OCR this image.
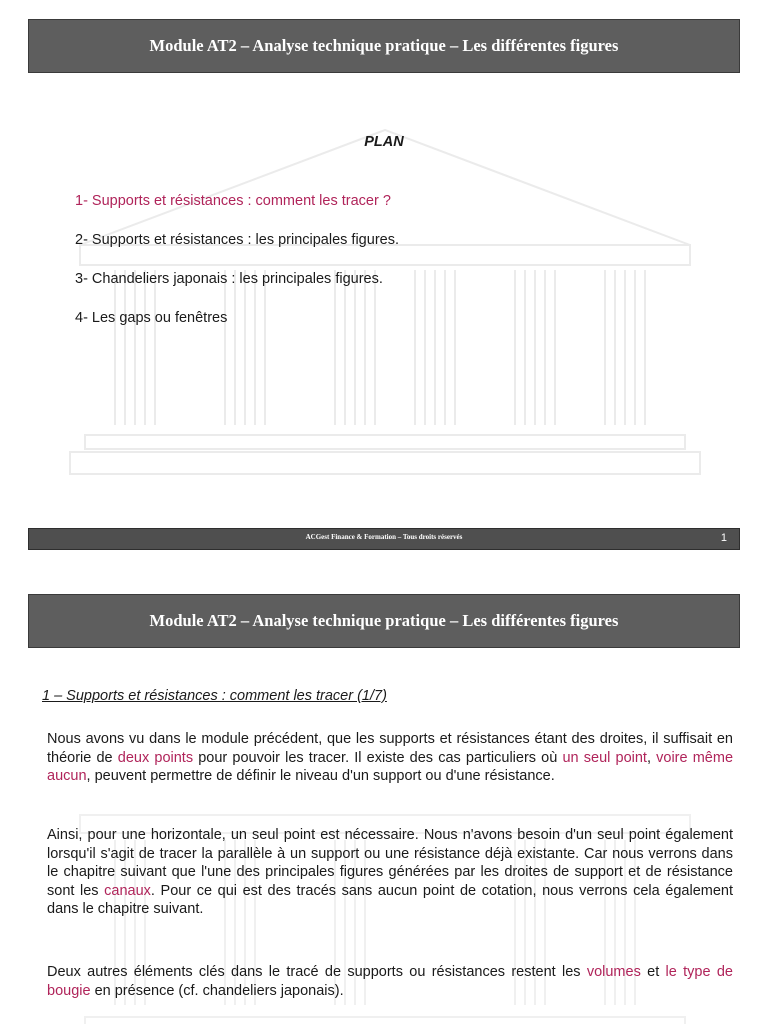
Module AT2 – Analyse technique pratique – Les différentes figures
PLAN
1- Supports et résistances : comment les tracer ?
2- Supports et résistances : les principales figures.
3- Chandeliers japonais : les principales figures.
4- Les gaps ou fenêtres
ACGest Finance & Formation – Tous droits réservés	1
Module AT2 – Analyse technique pratique – Les différentes figures
1 – Supports et résistances : comment les tracer (1/7)

Nous avons vu dans le module précédent, que les supports et résistances étant des droites, il suffisait en théorie de deux points pour pouvoir les tracer. Il existe des cas particuliers où un seul point, voire même aucun, peuvent permettre de définir le niveau d'un support ou d'une résistance.

Ainsi, pour une horizontale, un seul point est nécessaire. Nous n'avons besoin d'un seul point également lorsqu'il s'agit de tracer la parallèle à un support ou une résistance déjà existante. Car nous verrons dans le chapitre suivant que l'une des principales figures générées par les droites de support et de résistance sont les canaux. Pour ce qui est des tracés sans aucun point de cotation, nous verrons cela également dans le chapitre suivant.

Deux autres éléments clés dans le tracé de supports ou résistances restent les volumes et le type de bougie en présence (cf. chandeliers japonais).
